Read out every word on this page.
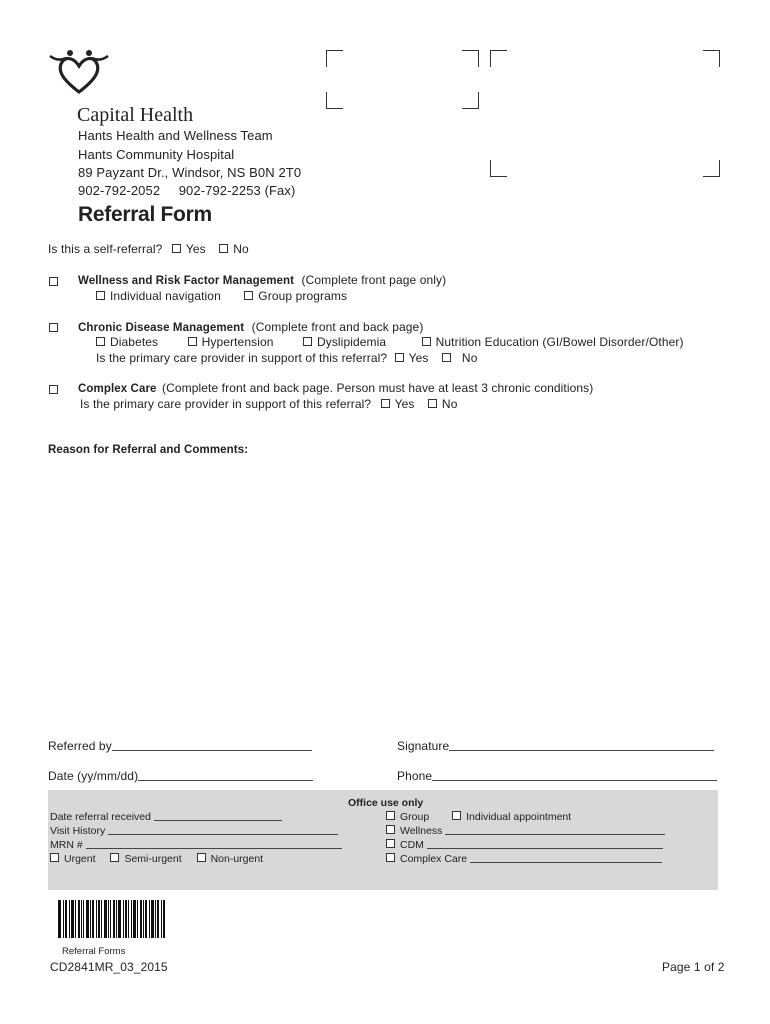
Capital Health
Hants Health and Wellness Team
Hants Community Hospital
89 Payzant Dr., Windsor, NS B0N 2T0
902-792-2052     902-792-2253 (Fax)
Referral Form
Is this a self-referral? Yes No
Wellness and Risk Factor Management (Complete front page only)
Individual navigation	Group programs
Chronic Disease Management (Complete front and back page)
Diabetes	Hypertension	Dyslipidemia	Nutrition Education (GI/Bowel Disorder/Other)
Is the primary care provider in support of this referral? Yes	No
Complex Care (Complete front and back page. Person must have at least 3 chronic conditions)
Is the primary care provider in support of this referral? Yes No
Reason for Referral and Comments:
Referred by	Signature
Date (yy/mm/dd)	Phone
Office use only
Date referral received
Visit History
MRN #
Urgent	Semi-urgent	Non-urgent
Group	Individual appointment
Wellness
CDM
Complex Care
Referral Forms
CD2841MR_03_2015	Page 1 of 2
